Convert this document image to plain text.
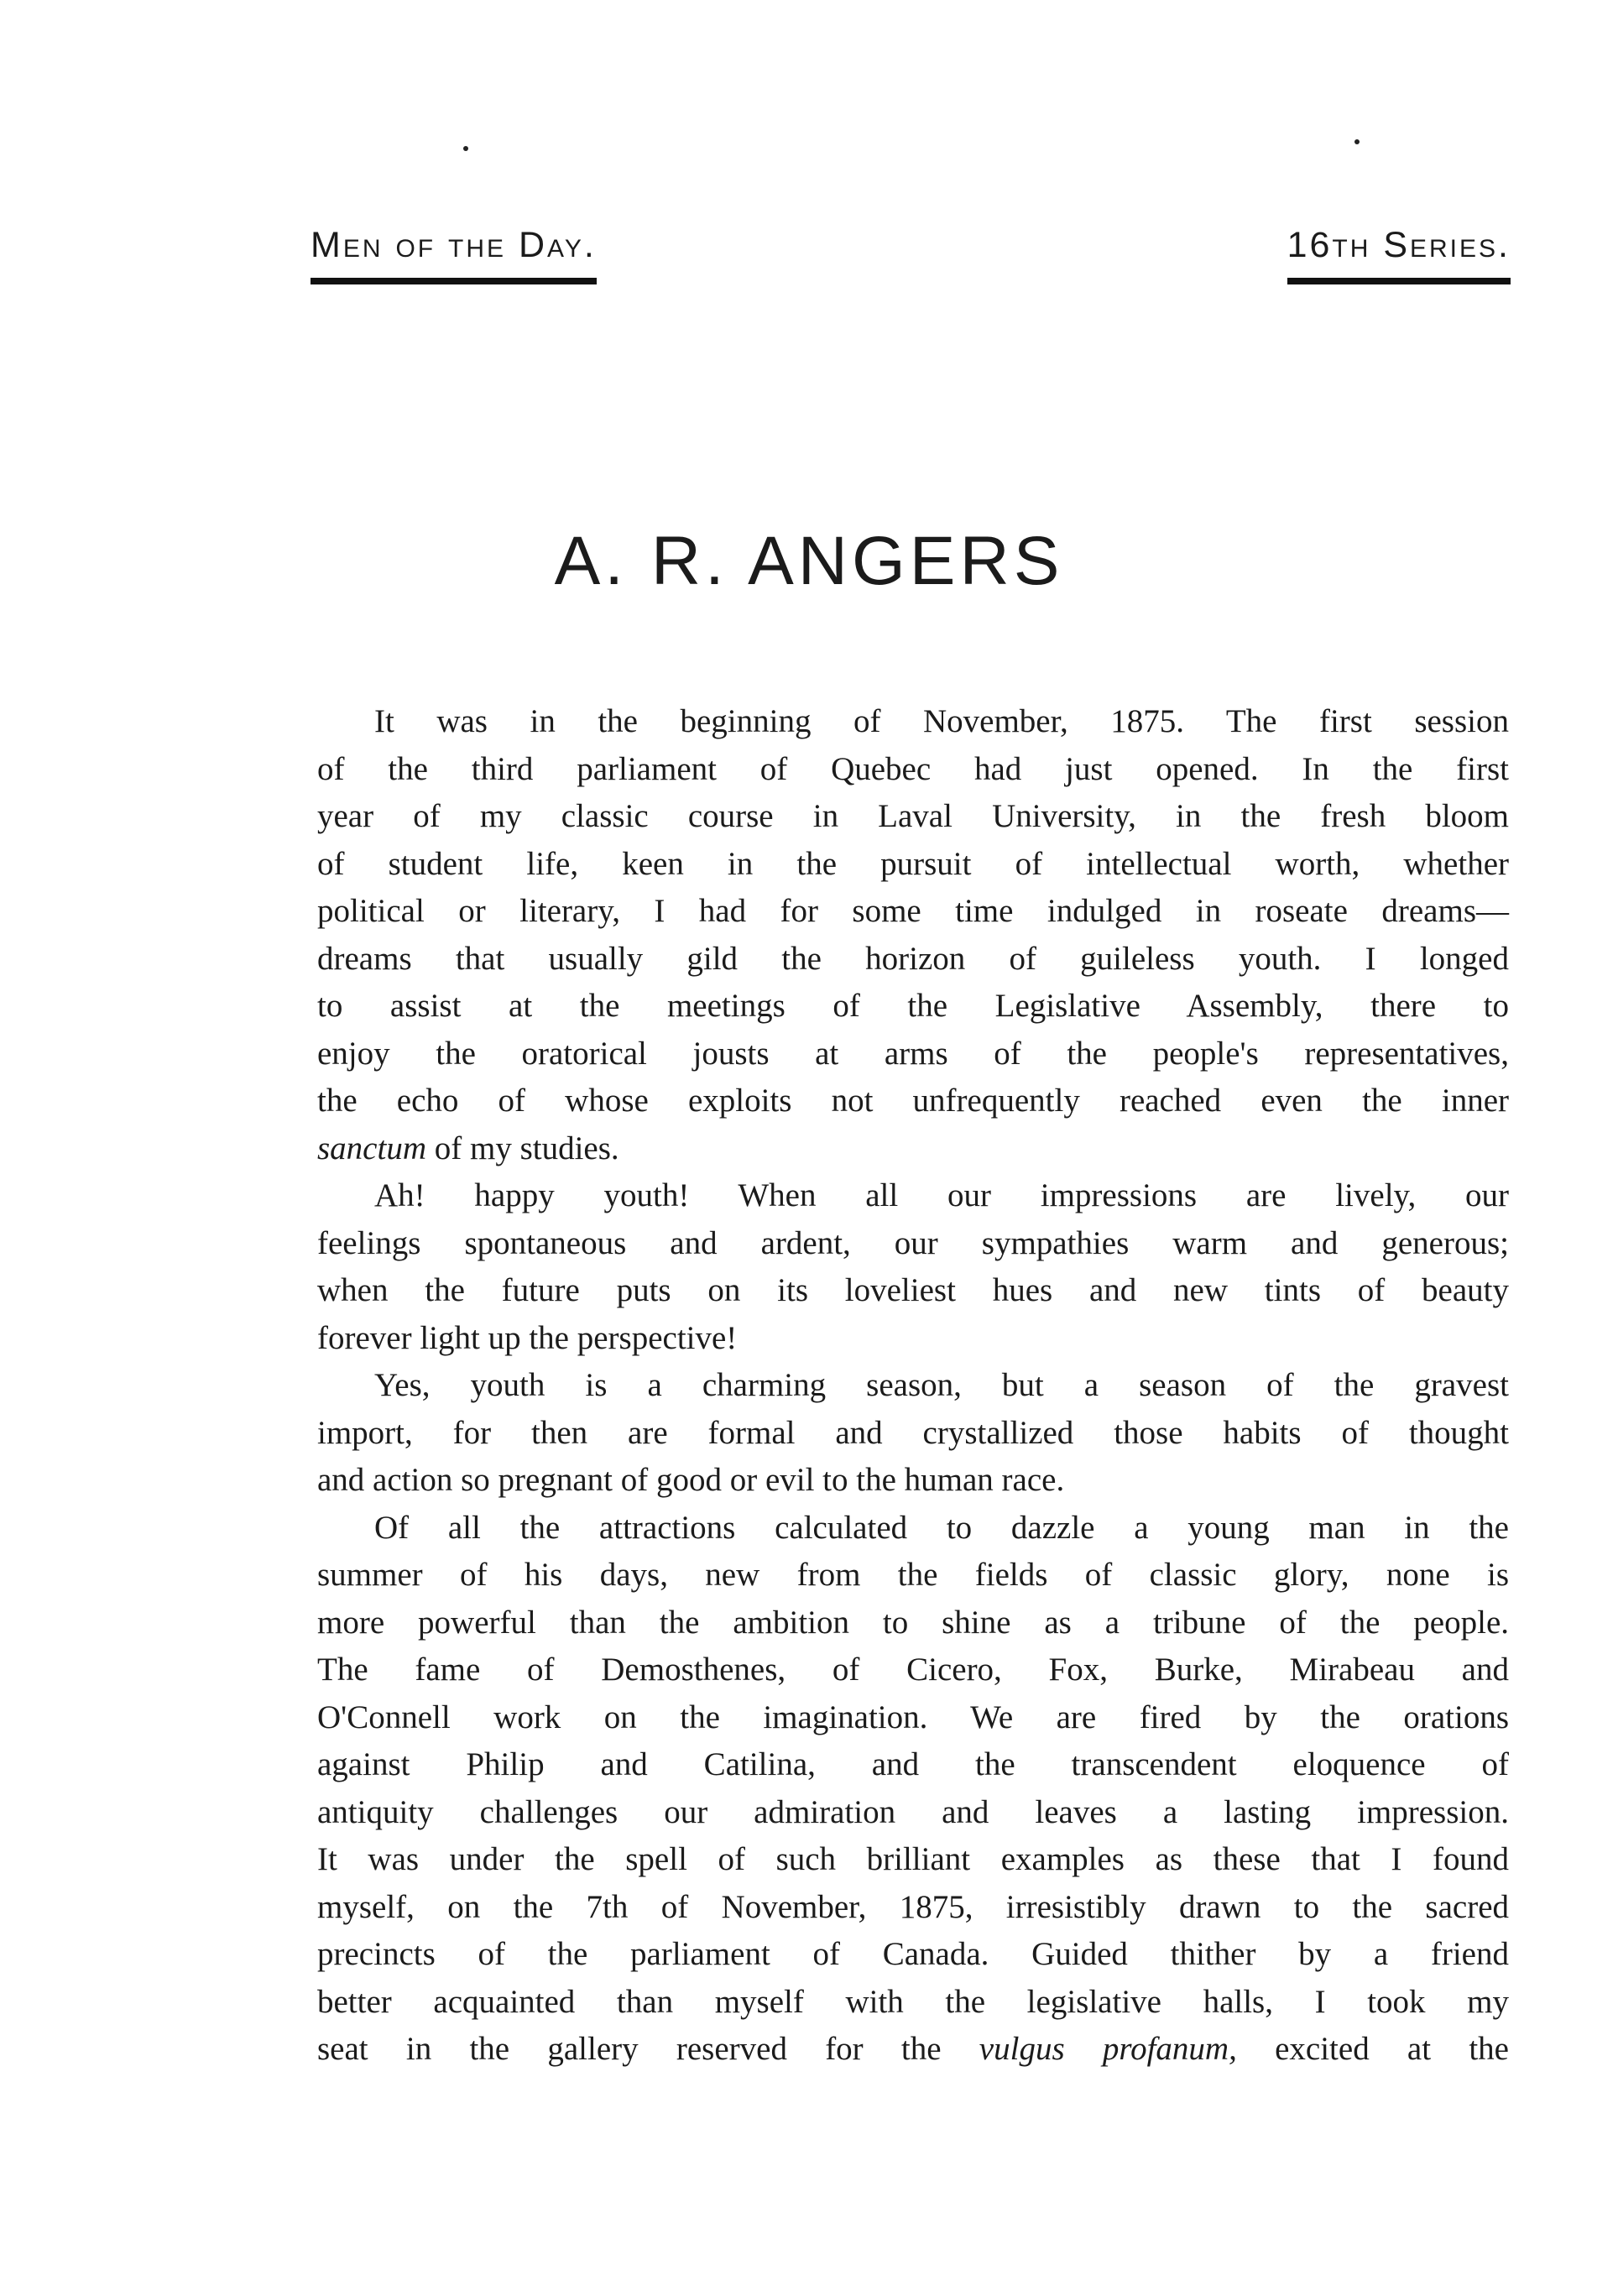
Men of the Day.	16th Series.
A. R. ANGERS

It was in the beginning of November, 1875. The first session

of the third parliament of Quebec had just opened. In the first

year of my classic course in Laval University, in the fresh bloom

of student life, keen in the pursuit of intellectual worth, whether

political or literary, I had for some time indulged in roseate dreams—

dreams that usually gild the horizon of guileless youth. I longed

to assist at the meetings of the Legislative Assembly, there to

enjoy the oratorical jousts at arms of the people's representatives,

the echo of whose exploits not unfrequently reached even the inner

sanctum of my studies.

Ah! happy youth! When all our impressions are lively, our

feelings spontaneous and ardent, our sympathies warm and generous;

when the future puts on its loveliest hues and new tints of beauty

forever light up the perspective!

Yes, youth is a charming season, but a season of the gravest

import, for then are formal and crystallized those habits of thought

and action so pregnant of good or evil to the human race.

Of all the attractions calculated to dazzle a young man in the

summer of his days, new from the fields of classic glory, none is

more powerful than the ambition to shine as a tribune of the people.

The fame of Demosthenes, of Cicero, Fox, Burke, Mirabeau and

O'Connell work on the imagination. We are fired by the orations

against Philip and Catilina, and the transcendent eloquence of

antiquity challenges our admiration and leaves a lasting impression.

It was under the spell of such brilliant examples as these that I found

myself, on the 7th of November, 1875, irresistibly drawn to the sacred

precincts of the parliament of Canada. Guided thither by a friend

better acquainted than myself with the legislative halls, I took my

seat in the gallery reserved for the vulgus profanum, excited at the
